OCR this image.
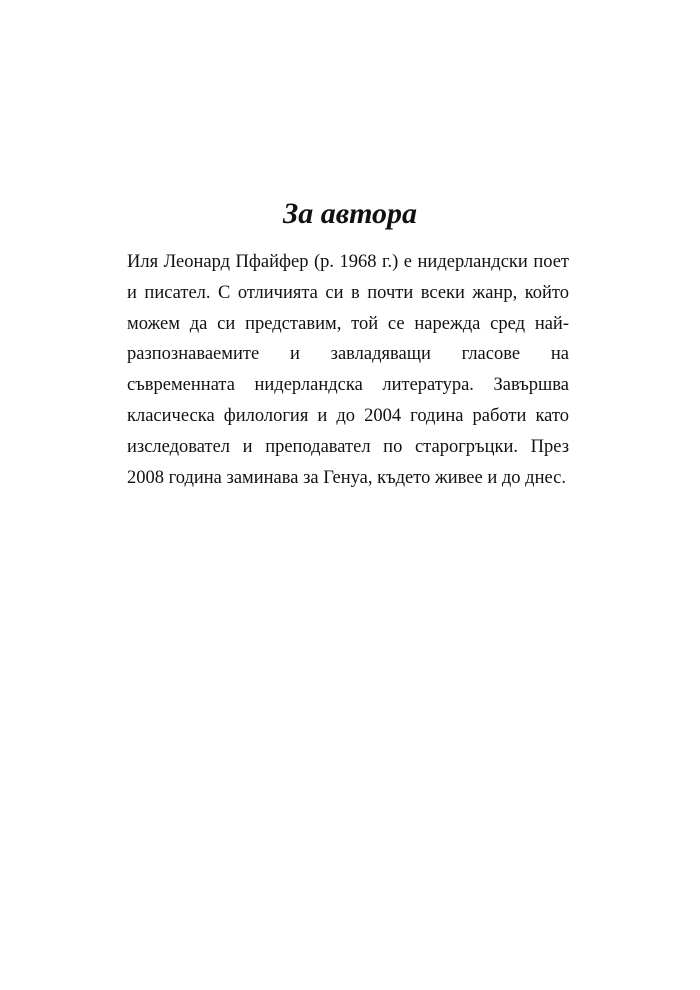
За автора
Иля Леонард Пфайфер (р. 1968 г.) е нидерландски поет
и писател. С отличията си в почти всеки жанр, който
можем да си представим, той се нарежда сред най-
разпознаваемите и завладяващи гласове на
съвременната нидерландска литература. Завършва
класическа филология и до 2004 година работи като
изследовател и преподавател по старогръцки. През
2008 година заминава за Генуа, където живее и до днес.
